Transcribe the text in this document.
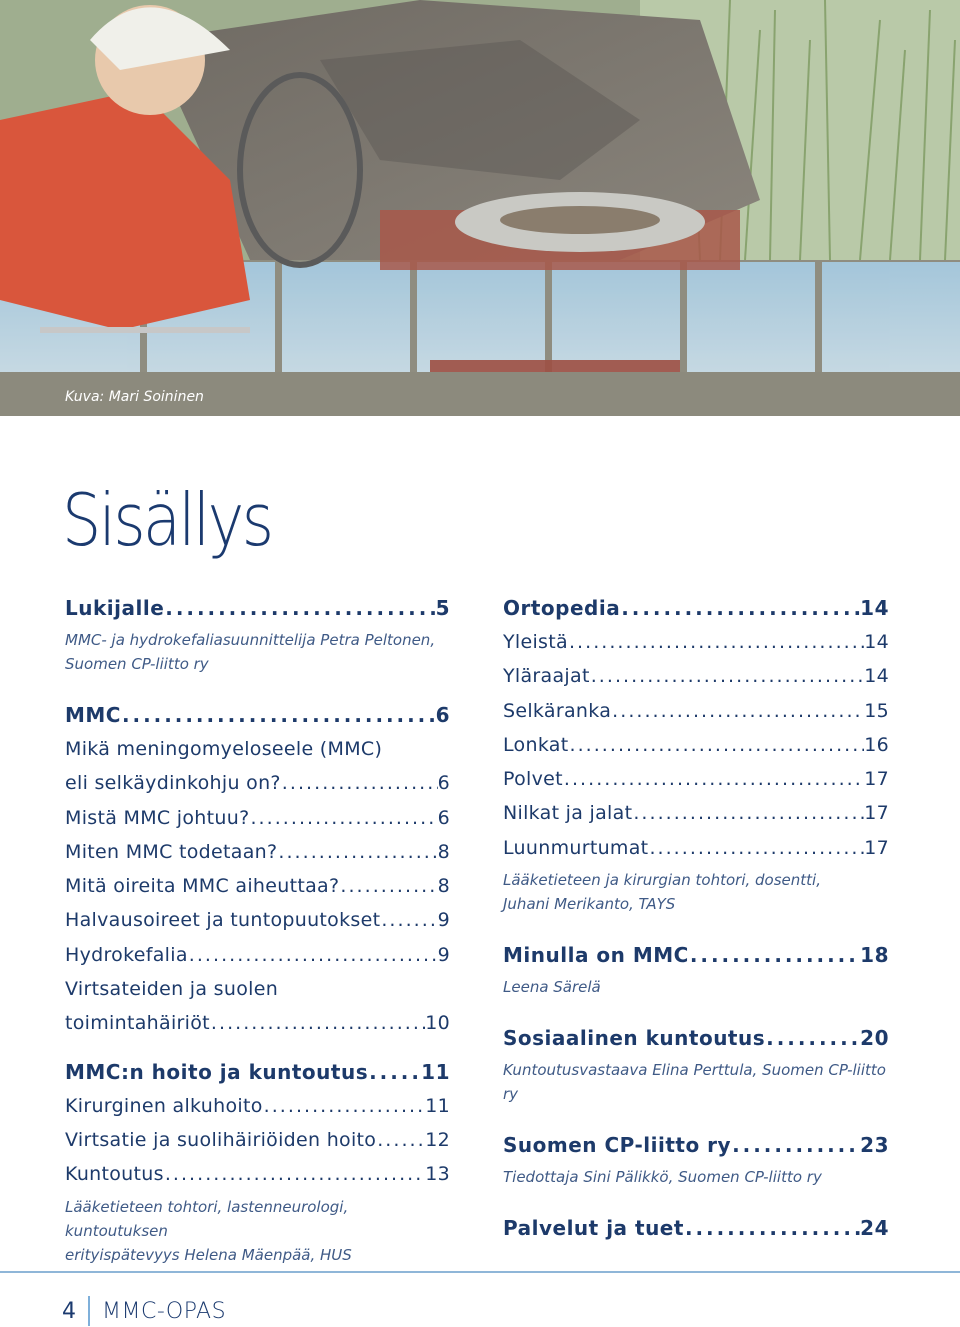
Kuva: Mari Soininen
Sisällys
Lukijalle . . .	5
MMC- ja hydrokefaliasuunnittelija Petra Peltonen,
Suomen CP-liitto ry
MMC . . .	6
Mikä meningomyeloseele (MMC)
eli selkäydinkohju on? . . .	6
Mistä MMC johtuu? . . .	6
Miten MMC todetaan? . . .	8
Mitä oireita MMC aiheuttaa? . . .	8
Halvausoireet ja tuntopuutokset . . .	9
Hydrokefalia . . .	9
Virtsateiden ja suolen
toimintahäiriöt . . .	10
MMC:n hoito ja kuntoutus . . .	11
Kirurginen alkuhoito . . .	11
Virtsatie ja suolihäiriöiden hoito . . .	12
Kuntoutus . . .	13
Lääketieteen tohtori, lastenneurologi, kuntoutuksen
erityispätevyys Helena Mäenpää, HUS
Ortopedia . . .	14
Yleistä . . .	14
Yläraajat . . .	14
Selkäranka . . .	15
Lonkat . . .	16
Polvet . . .	17
Nilkat ja jalat . . .	17
Luunmurtumat . . .	17
Lääketieteen ja kirurgian tohtori, dosentti,
Juhani Merikanto, TAYS
Minulla on MMC . . .	18
Leena Särelä
Sosiaalinen kuntoutus . . .	20
Kuntoutusvastaava Elina Perttula, Suomen CP-liitto ry
Suomen CP-liitto ry . . .	23
Tiedottaja Sini Pälikkö, Suomen CP-liitto ry
Palvelut ja tuet . . .	24
4 MMC-OPAS
